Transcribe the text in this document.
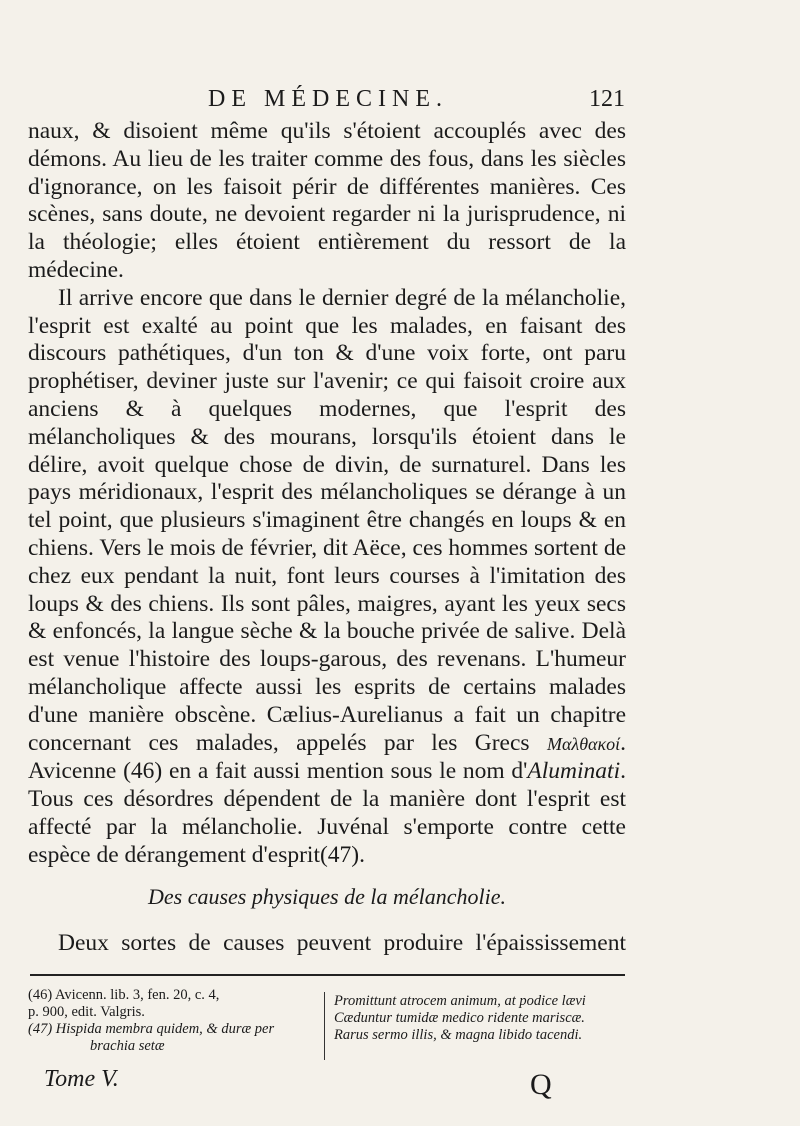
DE MÉDECINE.	121

naux, & disoient même qu'ils s'étoient accouplés avec des démons. Au lieu de les traiter comme des fous, dans les siècles d'ignorance, on les faisoit périr de différentes manières. Ces scènes, sans doute, ne devoient regarder ni la jurisprudence, ni la théologie; elles étoient entièrement du ressort de la médecine.

Il arrive encore que dans le dernier degré de la mélancholie, l'esprit est exalté au point que les malades, en faisant des discours pathétiques, d'un ton & d'une voix forte, ont paru prophétiser, deviner juste sur l'avenir; ce qui faisoit croire aux anciens & à quelques modernes, que l'esprit des mélancholiques & des mourans, lorsqu'ils étoient dans le délire, avoit quelque chose de divin, de surnaturel. Dans les pays méridionaux, l'esprit des mélancholiques se dérange à un tel point, que plusieurs s'imaginent être changés en loups & en chiens. Vers le mois de février, dit Aëce, ces hommes sortent de chez eux pendant la nuit, font leurs courses à l'imitation des loups & des chiens. Ils sont pâles, maigres, ayant les yeux secs & enfoncés, la langue sèche & la bouche privée de salive. Delà est venue l'histoire des loups-garous, des revenans. L'humeur mélancholique affecte aussi les esprits de certains malades d'une manière obscène. Cælius-Aurelianus a fait un chapitre concernant ces malades, appelés par les Grecs Μαλθακοί. Avicenne (46) en a fait aussi mention sous le nom d'Aluminati. Tous ces désordres dépendent de la manière dont l'esprit est affecté par la mélancholie. Juvénal s'emporte contre cette espèce de dérangement d'esprit(47).

Des causes physiques de la mélancholie.
Deux sortes de causes peuvent produire l'épaississement

(46) Avicenn. lib. 3, fen. 20, c. 4,

p. 900, edit. Valgris.

(47) Hispida membra quidem, & duræ per

brachia setæ

Promittunt atrocem animum, at podice lævi

Cæduntur tumidæ medico ridente mariscæ.

Rarus sermo illis, & magna libido tacendi.

Tome V.	Q
